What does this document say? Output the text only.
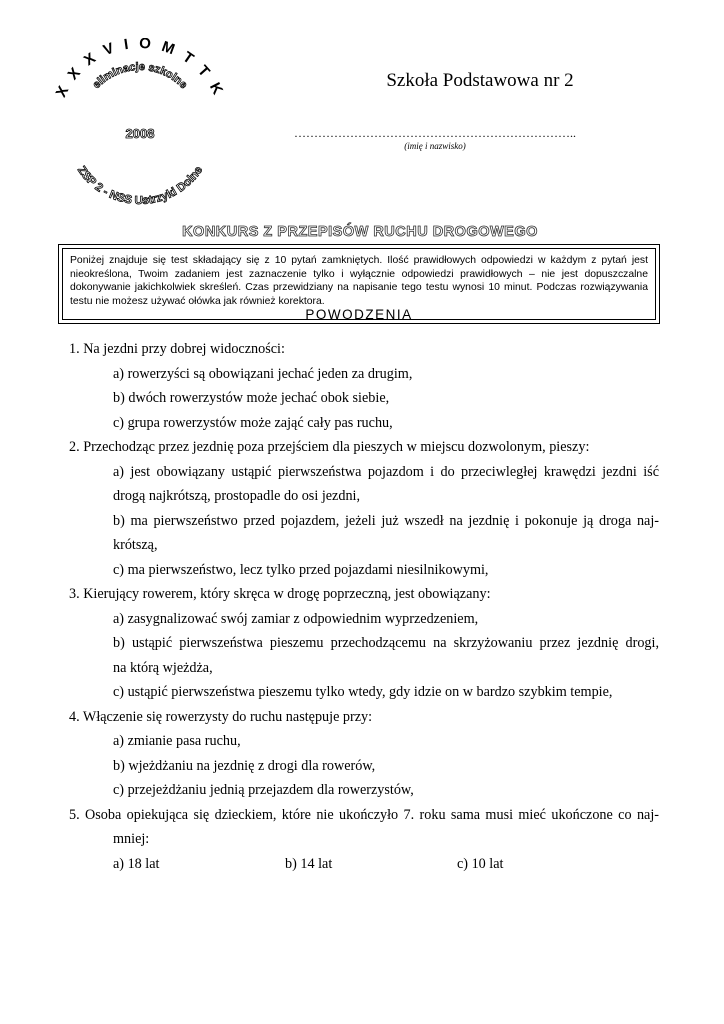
X X X V I O M T T K
eliminacje szkolne
2008
ZSP 2 - NSS Ustrzyki Dolne
Szkoła Podstawowa nr 2
……………………………………………………………..
(imię i nazwisko)
KONKURS Z PRZEPISÓW RUCHU DROGOWEGO

Poniżej znajduje się test składający się z 10 pytań zamkniętych. Ilość prawidłowych odpowiedzi w każdym z pytań jest nieokreślona, Twoim zadaniem jest zaznaczenie tylko i wyłącznie odpowiedzi prawidłowych – nie jest dopuszczalne dokonywanie jakichkolwiek skreśleń. Czas przewidziany na napisanie tego testu wynosi 10 minut. Podczas rozwiązywania testu nie możesz używać ołówka jak również korektora.

POWODZENIA
1. Na jezdni przy dobrej widoczności:
a) rowerzyści są obowiązani jechać jeden za drugim,
b) dwóch rowerzystów może jechać obok siebie,
c) grupa rowerzystów może zająć cały pas ruchu,
2. Przechodząc przez jezdnię poza przejściem dla pieszych w miejscu dozwolonym, pieszy:
a) jest obowiązany ustąpić pierwszeństwa pojazdom i do przeciwległej krawędzi jezdni iść
drogą najkrótszą, prostopadle do osi jezdni,
b) ma pierwszeństwo przed pojazdem, jeżeli już wszedł na jezdnię i pokonuje ją droga naj-
krótszą,
c) ma pierwszeństwo, lecz tylko przed pojazdami niesilnikowymi,
3. Kierujący rowerem, który skręca w drogę poprzeczną, jest obowiązany:
a) zasygnalizować swój zamiar z odpowiednim wyprzedzeniem,
b) ustąpić pierwszeństwa pieszemu przechodzącemu na skrzyżowaniu przez jezdnię drogi,
na którą wjeżdża,
c) ustąpić pierwszeństwa pieszemu tylko wtedy, gdy idzie on w bardzo szybkim tempie,
4. Włączenie się rowerzysty do ruchu następuje przy:
a) zmianie pasa ruchu,
b) wjeżdżaniu na jezdnię z drogi dla rowerów,
c) przejeżdżaniu jednią przejazdem dla rowerzystów,
5. Osoba opiekująca się dzieckiem, które nie ukończyło 7. roku sama musi mieć ukończone co naj-
mniej:
a) 18 lat	b) 14 lat	c) 10 lat
